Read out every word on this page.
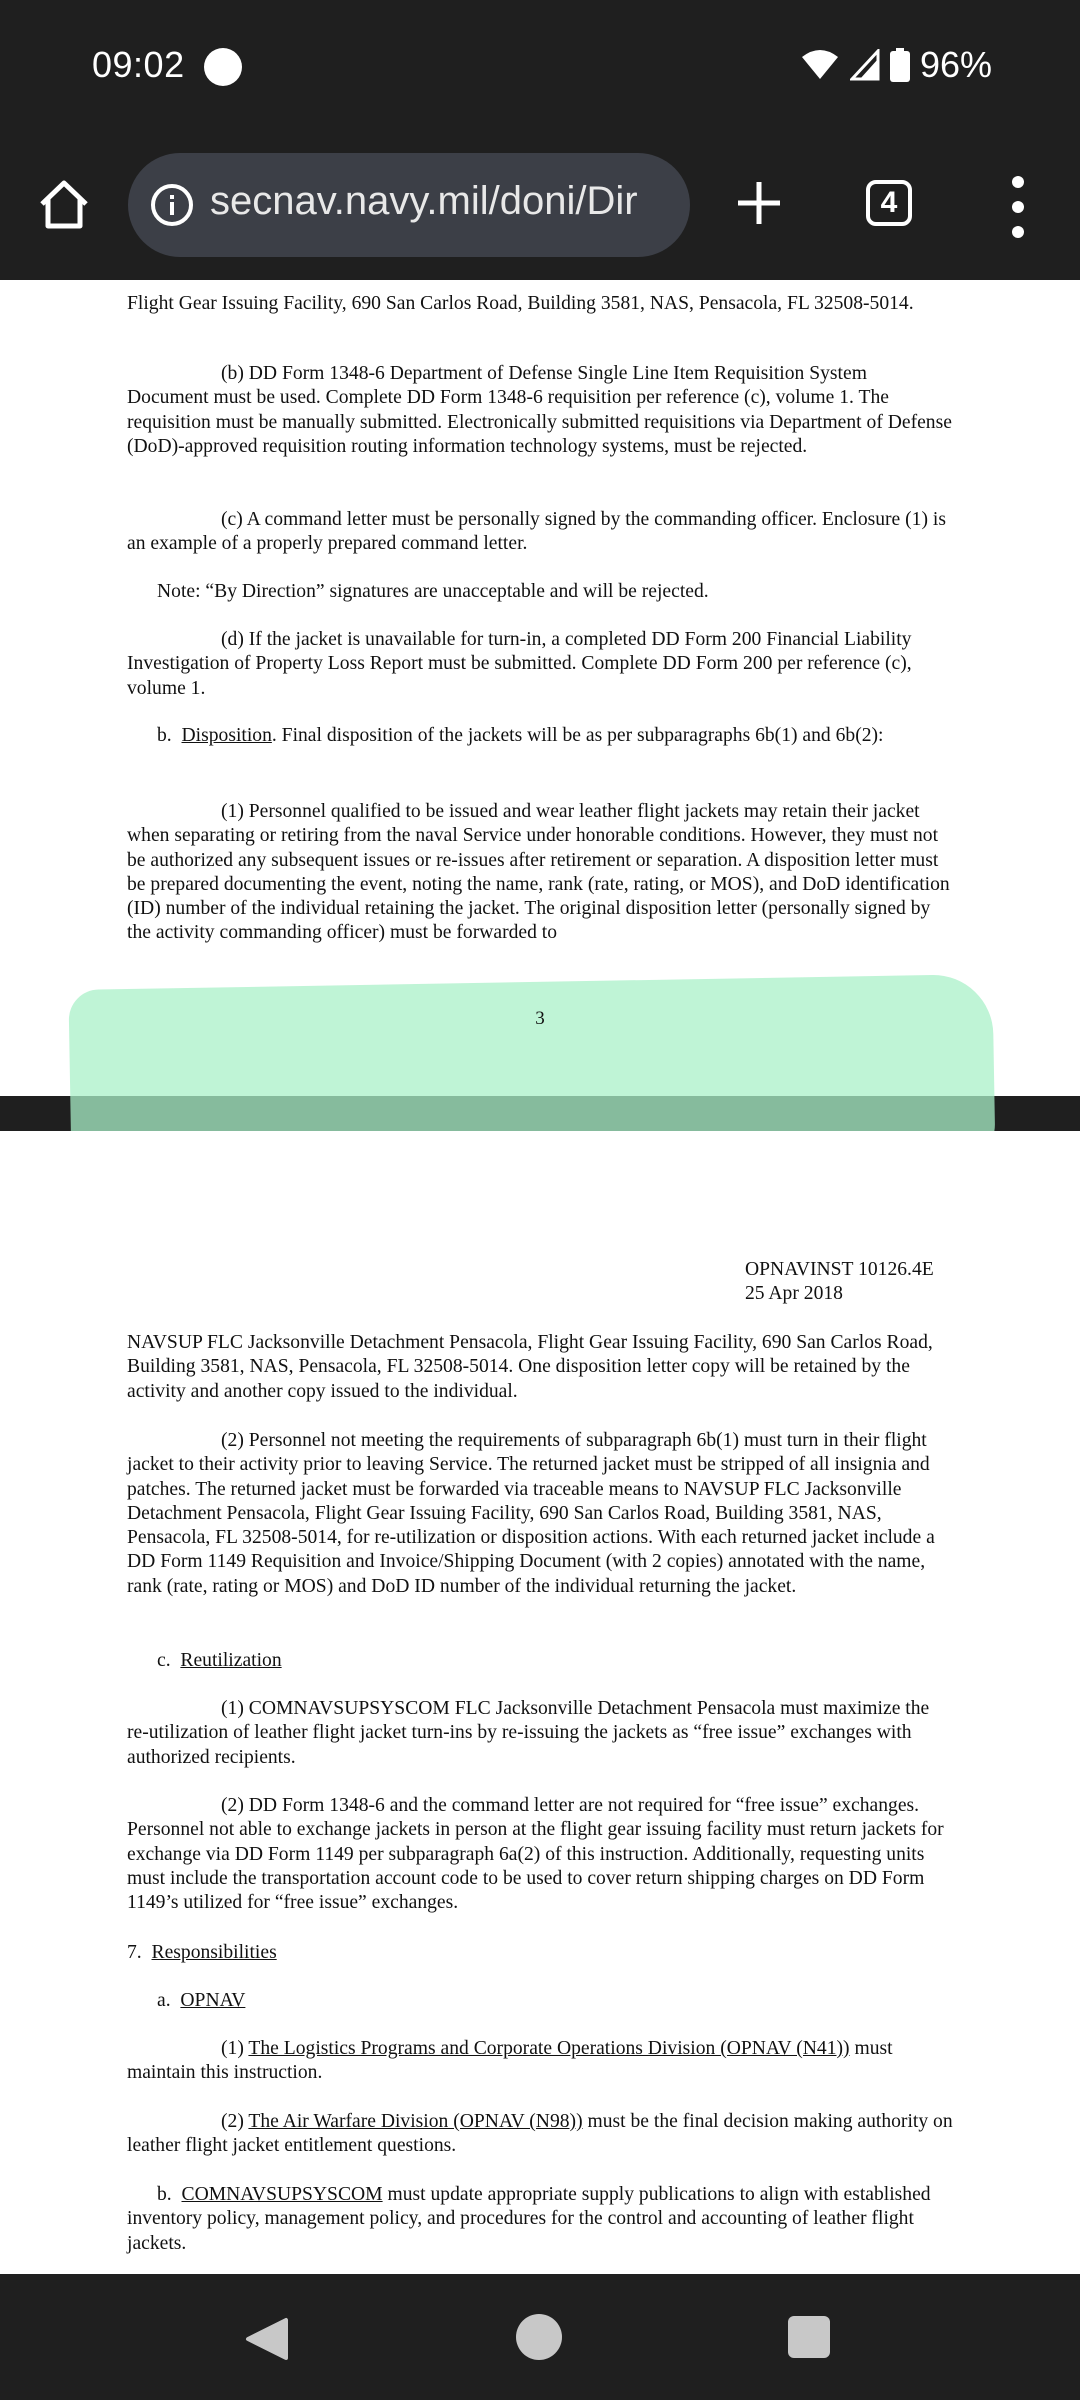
09:02	96%
secnav.navy.mil/doni/Dir	4
Flight Gear Issuing Facility, 690 San Carlos Road, Building 3581, NAS, Pensacola, FL 32508-5014.
(b) DD Form 1348-6 Department of Defense Single Line Item Requisition System Document must be used. Complete DD Form 1348-6 requisition per reference (c), volume 1. The requisition must be manually submitted. Electronically submitted requisitions via Department of Defense (DoD)-approved requisition routing information technology systems, must be rejected.
(c) A command letter must be personally signed by the commanding officer. Enclosure (1) is an example of a properly prepared command letter.
Note: “By Direction” signatures are unacceptable and will be rejected.
(d) If the jacket is unavailable for turn-in, a completed DD Form 200 Financial Liability Investigation of Property Loss Report must be submitted. Complete DD Form 200 per reference (c), volume 1.
b. Disposition. Final disposition of the jackets will be as per subparagraphs 6b(1) and 6b(2):
(1) Personnel qualified to be issued and wear leather flight jackets may retain their jacket when separating or retiring from the naval Service under honorable conditions. However, they must not be authorized any subsequent issues or re-issues after retirement or separation. A disposition letter must be prepared documenting the event, noting the name, rank (rate, rating, or MOS), and DoD identification (ID) number of the individual retaining the jacket. The original disposition letter (personally signed by the activity commanding officer) must be forwarded to
3
OPNAVINST 10126.4E
25 Apr 2018
NAVSUP FLC Jacksonville Detachment Pensacola, Flight Gear Issuing Facility, 690 San Carlos Road, Building 3581, NAS, Pensacola, FL 32508-5014. One disposition letter copy will be retained by the activity and another copy issued to the individual.
(2) Personnel not meeting the requirements of subparagraph 6b(1) must turn in their flight jacket to their activity prior to leaving Service. The returned jacket must be stripped of all insignia and patches. The returned jacket must be forwarded via traceable means to NAVSUP FLC Jacksonville Detachment Pensacola, Flight Gear Issuing Facility, 690 San Carlos Road, Building 3581, NAS, Pensacola, FL 32508-5014, for re-utilization or disposition actions. With each returned jacket include a DD Form 1149 Requisition and Invoice/Shipping Document (with 2 copies) annotated with the name, rank (rate, rating or MOS) and DoD ID number of the individual returning the jacket.
c. Reutilization
(1) COMNAVSUPSYSCOM FLC Jacksonville Detachment Pensacola must maximize the re-utilization of leather flight jacket turn-ins by re-issuing the jackets as “free issue” exchanges with authorized recipients.
(2) DD Form 1348-6 and the command letter are not required for “free issue” exchanges. Personnel not able to exchange jackets in person at the flight gear issuing facility must return jackets for exchange via DD Form 1149 per subparagraph 6a(2) of this instruction. Additionally, requesting units must include the transportation account code to be used to cover return shipping charges on DD Form 1149’s utilized for “free issue” exchanges.
7. Responsibilities
a. OPNAV
(1) The Logistics Programs and Corporate Operations Division (OPNAV (N41)) must maintain this instruction.
(2) The Air Warfare Division (OPNAV (N98)) must be the final decision making authority on leather flight jacket entitlement questions.
b. COMNAVSUPSYSCOM must update appropriate supply publications to align with established inventory policy, management policy, and procedures for the control and accounting of leather flight jackets.
